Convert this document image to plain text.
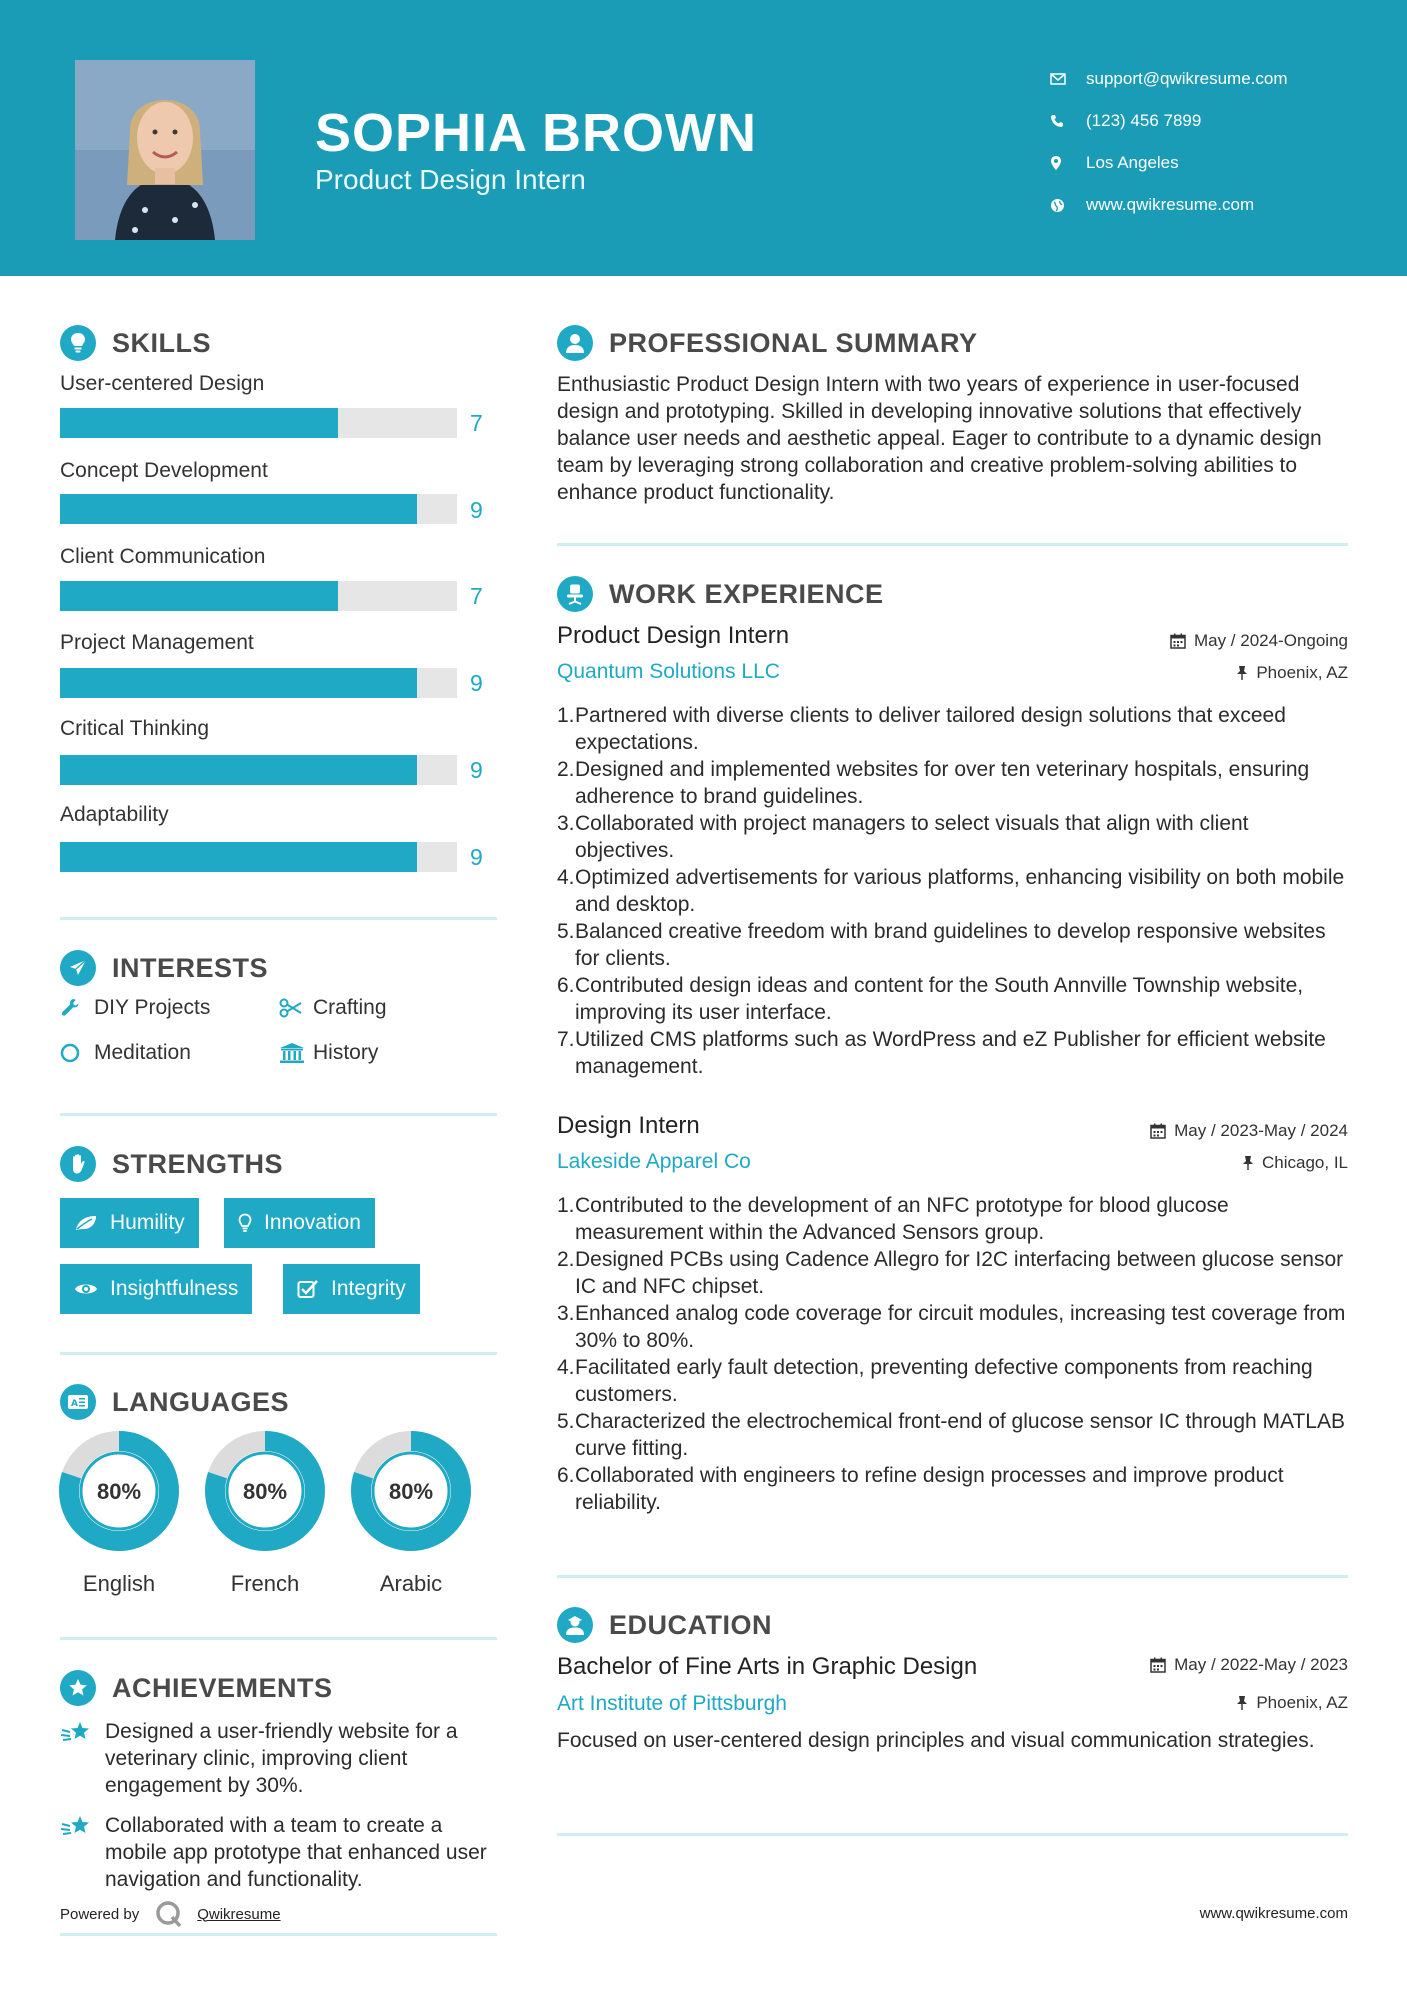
SOPHIA BROWN
Product Design Intern
support@qwikresume.com
(123) 456 7899
Los Angeles
www.qwikresume.com
SKILLS
User-centered Design
7
Concept Development
9
Client Communication
7
Project Management
9
Critical Thinking
9
Adaptability
9
INTERESTS
DIY Projects	Crafting
Meditation	History
STRENGTHS
Humility	Innovation
Insightfulness	Integrity
A LANGUAGES
80%
English
80%
French
80%
Arabic
ACHIEVEMENTS
Designed a user-friendly website for a veterinary clinic, improving client engagement by 30%.
Collaborated with a team to create a mobile app prototype that enhanced user navigation and functionality.
Powered by	Qwikresume
PROFESSIONAL SUMMARY
Enthusiastic Product Design Intern with two years of experience in user-focused design and prototyping. Skilled in developing innovative solutions that effectively balance user needs and aesthetic appeal. Eager to contribute to a dynamic design team by leveraging strong collaboration and creative problem-solving abilities to enhance product functionality.
WORK EXPERIENCE
Product Design Intern	May / 2024-Ongoing
Quantum Solutions LLC	Phoenix, AZ
1. Partnered with diverse clients to deliver tailored design solutions that exceed expectations.
2. Designed and implemented websites for over ten veterinary hospitals, ensuring adherence to brand guidelines.
3. Collaborated with project managers to select visuals that align with client objectives.
4. Optimized advertisements for various platforms, enhancing visibility on both mobile and desktop.
5. Balanced creative freedom with brand guidelines to develop responsive websites for clients.
6. Contributed design ideas and content for the South Annville Township website, improving its user interface.
7. Utilized CMS platforms such as WordPress and eZ Publisher for efficient website management.
Design Intern	May / 2023-May / 2024
Lakeside Apparel Co	Chicago, IL
1. Contributed to the development of an NFC prototype for blood glucose measurement within the Advanced Sensors group.
2. Designed PCBs using Cadence Allegro for I2C interfacing between glucose sensor IC and NFC chipset.
3. Enhanced analog code coverage for circuit modules, increasing test coverage from 30% to 80%.
4. Facilitated early fault detection, preventing defective components from reaching customers.
5. Characterized the electrochemical front-end of glucose sensor IC through MATLAB curve fitting.
6. Collaborated with engineers to refine design processes and improve product reliability.
EDUCATION
Bachelor of Fine Arts in Graphic Design	May / 2022-May / 2023
Art Institute of Pittsburgh	Phoenix, AZ
Focused on user-centered design principles and visual communication strategies.
www.qwikresume.com
